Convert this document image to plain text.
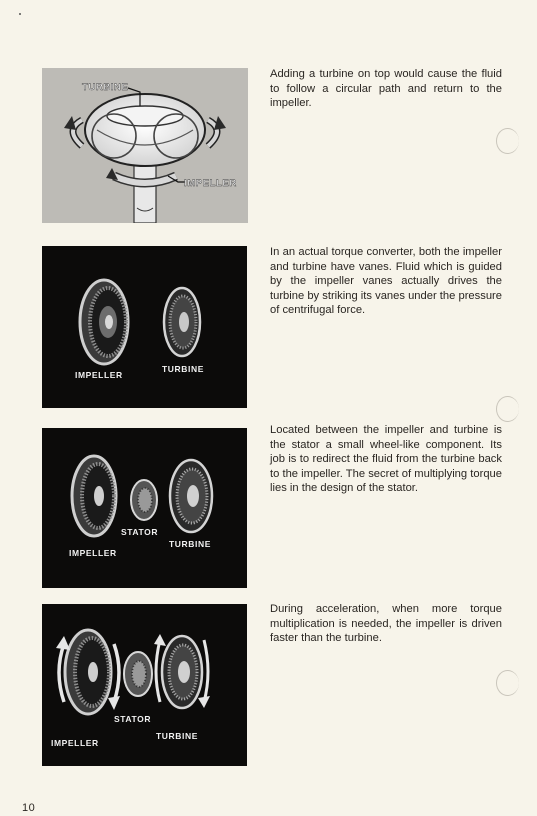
TURBINE
IMPELLER

Adding a turbine on top would cause the fluid to follow a circular path and return to the impeller.

IMPELLER
TURBINE

In an actual torque converter, both the impeller and turbine have vanes. Fluid which is guided by the impeller vanes actually drives the turbine by striking its vanes under the pressure of centrifugal force.

STATOR
IMPELLER
TURBINE

Located between the impeller and turbine is the stator a small wheel-like component. Its job is to redirect the fluid from the turbine back to the impeller. The secret of multiplying torque lies in the design of the stator.

STATOR
IMPELLER
TURBINE

During acceleration, when more torque multiplication is needed, the impeller is driven faster than the turbine.

10
